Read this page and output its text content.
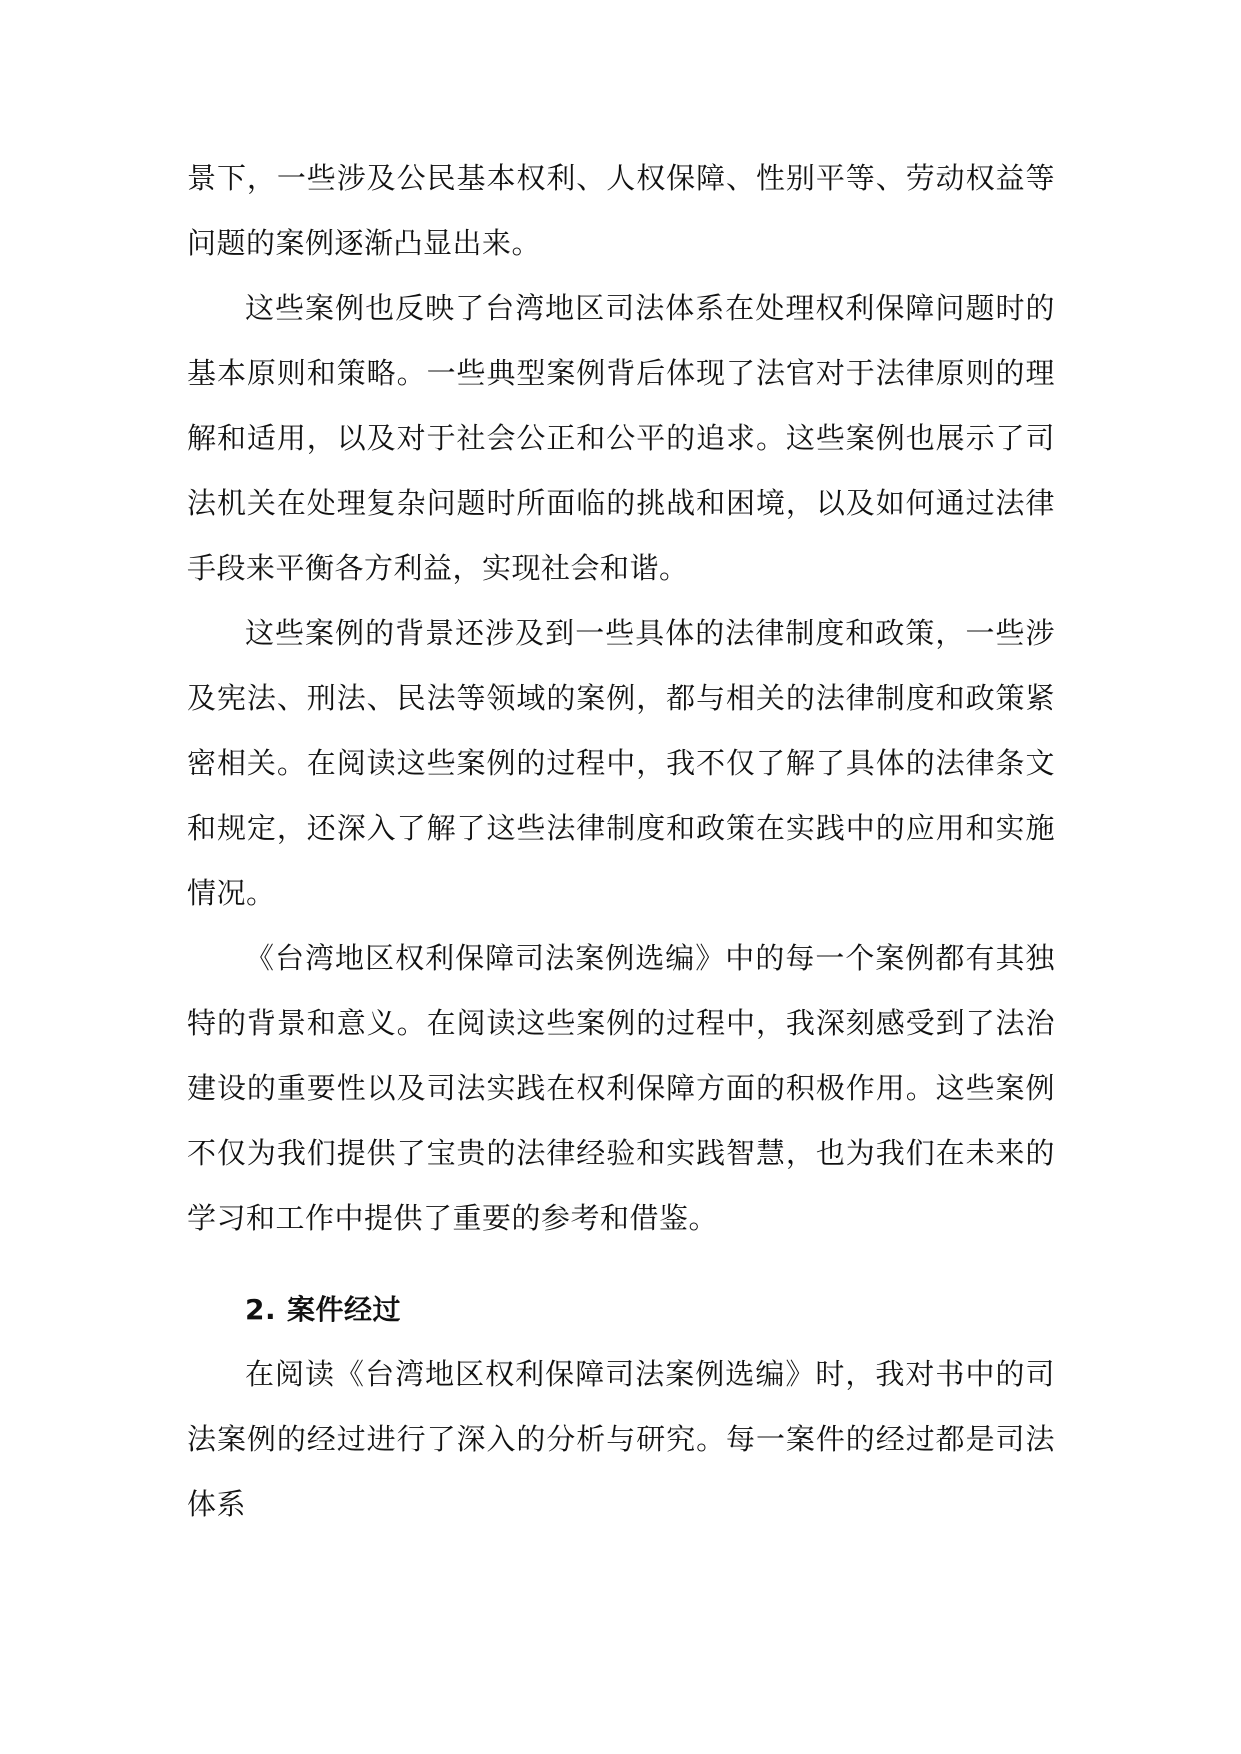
景下，一些涉及公民基本权利、人权保障、性别平等、劳动权益等问题的案例逐渐凸显出来。

这些案例也反映了台湾地区司法体系在处理权利保障问题时的基本原则和策略。一些典型案例背后体现了法官对于法律原则的理解和适用，以及对于社会公正和公平的追求。这些案例也展示了司法机关在处理复杂问题时所面临的挑战和困境，以及如何通过法律手段来平衡各方利益，实现社会和谐。

这些案例的背景还涉及到一些具体的法律制度和政策，一些涉及宪法、刑法、民法等领域的案例，都与相关的法律制度和政策紧密相关。在阅读这些案例的过程中，我不仅了解了具体的法律条文和规定，还深入了解了这些法律制度和政策在实践中的应用和实施情况。

《台湾地区权利保障司法案例选编》中的每一个案例都有其独特的背景和意义。在阅读这些案例的过程中，我深刻感受到了法治建设的重要性以及司法实践在权利保障方面的积极作用。这些案例不仅为我们提供了宝贵的法律经验和实践智慧，也为我们在未来的学习和工作中提供了重要的参考和借鉴。

2. 案件经过

在阅读《台湾地区权利保障司法案例选编》时，我对书中的司法案例的经过进行了深入的分析与研究。每一案件的经过都是司法体系
